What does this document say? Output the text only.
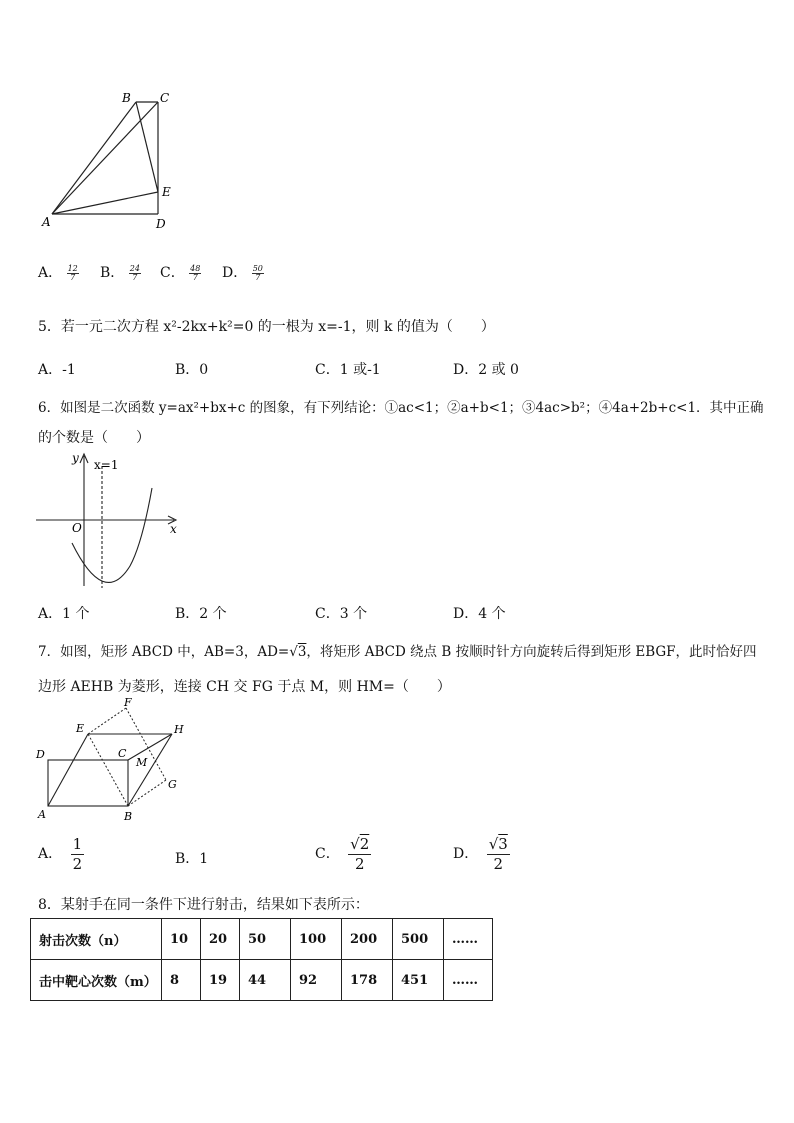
B C
E
A	D
A． $\frac{12}{7}$ B． $\frac{24}{7}$ C． $\frac{48}{7}$ D． $\frac{50}{7}$
5．若一元二次方程 x²-2kx+k²=0 的一根为 x=-1，则 k 的值为（　　）
A．-1	B．0	C．1 或-1	D．2 或 0
6．如图是二次函数 y=ax²+bx+c 的图象，有下列结论：①ac<1；②a+b<1；③4ac>b²；④4a+2b+c<1．其中正确
的个数是（　　）
y x=1
O	x
A．1 个	B．2 个	C．3 个	D．4 个
7．如图，矩形 ABCD 中，AB=3，AD=√3，将矩形 ABCD 绕点 B 按顺时针方向旋转后得到矩形 EBGF，此时恰好四
边形 AEHB 为菱形，连接 CH 交 FG 于点 M，则 HM=（　　）
F
E	H
D	C
M
G
A	B
A． $\frac{1}{2}$	B．1	C． $\frac{√2}{2}$	D． $\frac{√3}{2}$
8．某射手在同一条件下进行射击，结果如下表所示：
射击次数（n）	10	20	50	100	200	500	……
击中靶心次数（m）	8	19	44	92	178	451	……
